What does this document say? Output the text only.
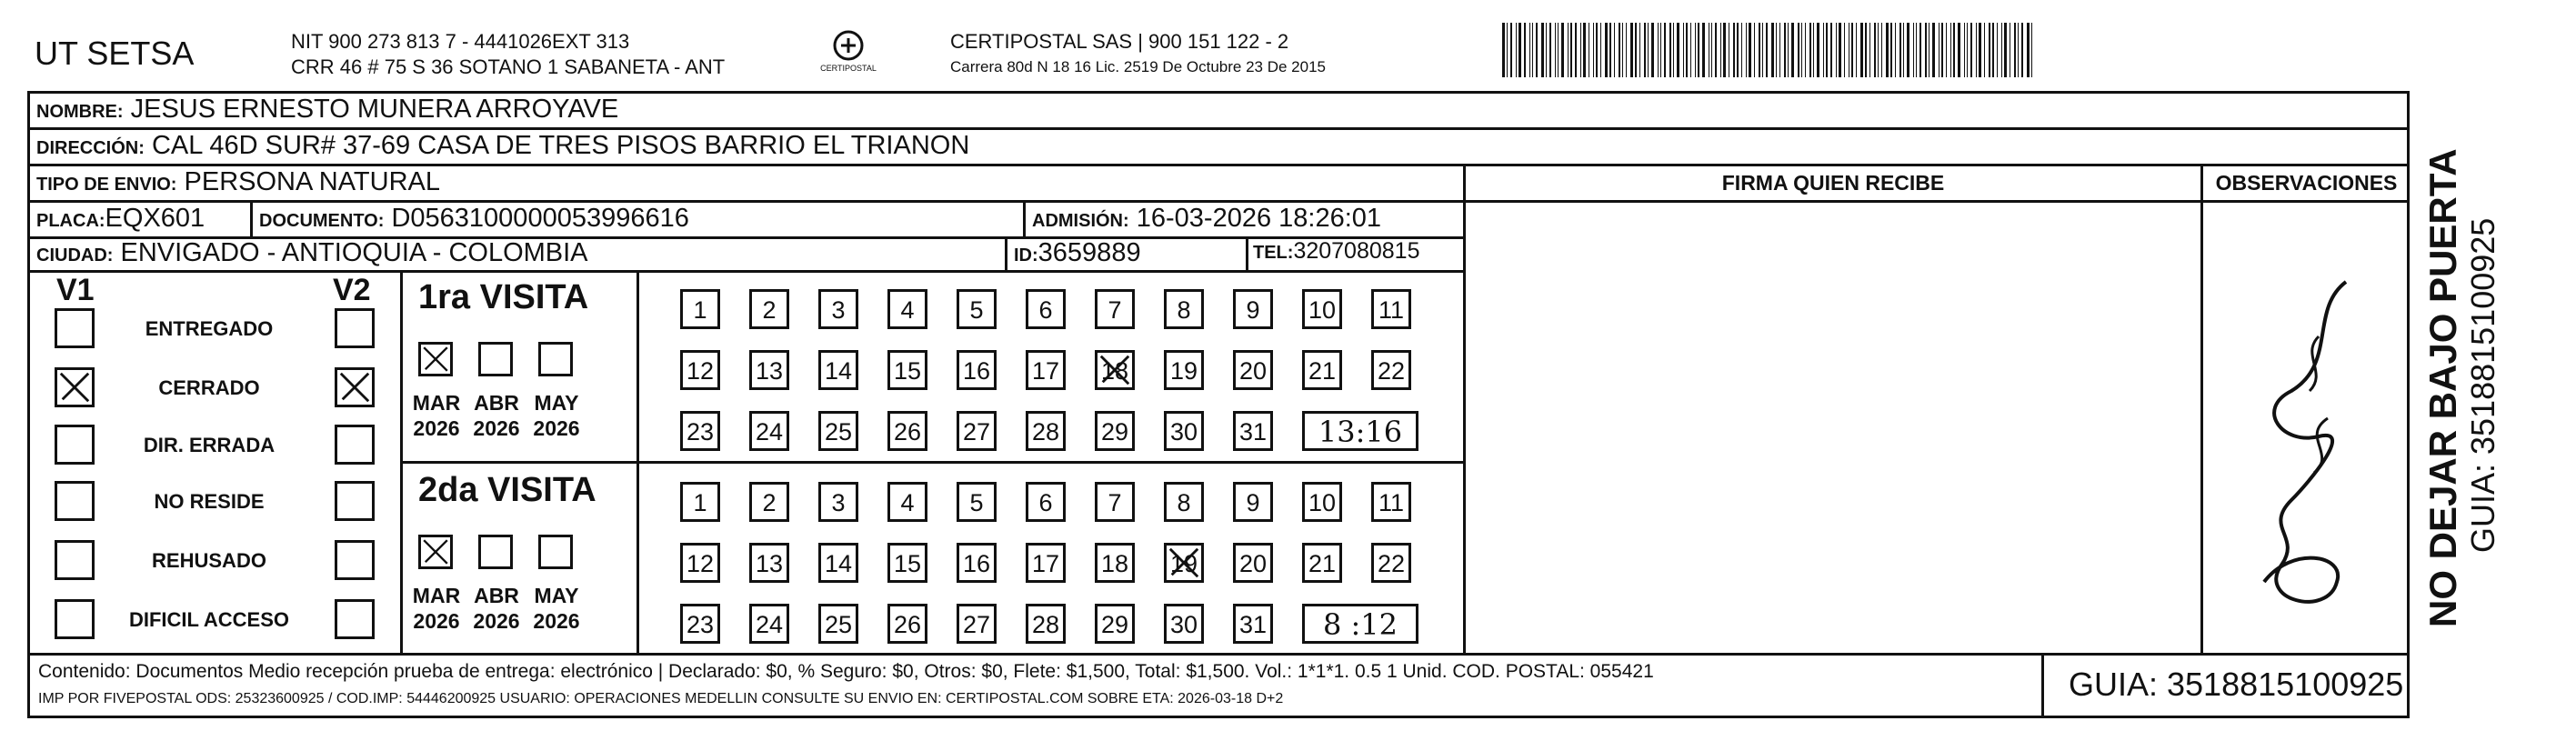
UT SETSA	NIT 900 273 813 7 - 4441026EXT 313
CRR 46 # 75 S 36 SOTANO 1 SABANETA - ANT	CERTIPOSTAL
CERTIPOSTAL SAS | 900 151 122 - 2
Carrera 80d N 18 16 Lic. 2519 De Octubre 23 De 2015
NOMBRE: JESUS ERNESTO MUNERA ARROYAVE
DIRECCIÓN: CAL 46D SUR# 37-69 CASA DE TRES PISOS BARRIO EL TRIANON
TIPO DE ENVIO: PERSONA NATURAL
PLACA:EQX601	DOCUMENTO: D0563100000053996616	ADMISIÓN: 16-03-2026 18:26:01
CIUDAD: ENVIGADO - ANTIOQUIA - COLOMBIA	ID:3659889	TEL:3207080815
FIRMA QUIEN RECIBE	OBSERVACIONES
V1	V2
ENTREGADO
CERRADO
DIR. ERRADA
NO RESIDE
REHUSADO
DIFICIL ACCESO
1ra VISITA
MAR
2026
ABR
2026
MAY
2026
1	2	3	4	5	6	7	8	9	10 11
12 13 14 15 16 17 18 19 20 21 22
23 24 25 26 27 28 29 30 31	13:16
2da VISITA
MAR
2026
ABR
2026
MAY
2026
1	2	3	4	5	6	7	8	9	10 11
12 13 14 15 16 17 18 19 20 21 22
23 24 25 26 27 28 29 30 31	8 :12
Contenido: Documentos Medio recepción prueba de entrega: electrónico | Declarado: $0, % Seguro: $0, Otros: $0, Flete: $1,500, Total: $1,500. Vol.: 1*1*1. 0.5 1 Unid. COD. POSTAL: 055421
IMP POR FIVEPOSTAL ODS: 25323600925 / COD.IMP: 54446200925 USUARIO: OPERACIONES MEDELLIN CONSULTE SU ENVIO EN: CERTIPOSTAL.COM SOBRE ETA: 2026-03-18 D+2	GUIA: 3518815100925
NO DEJAR BAJO PUERTA GUIA: 3518815100925
